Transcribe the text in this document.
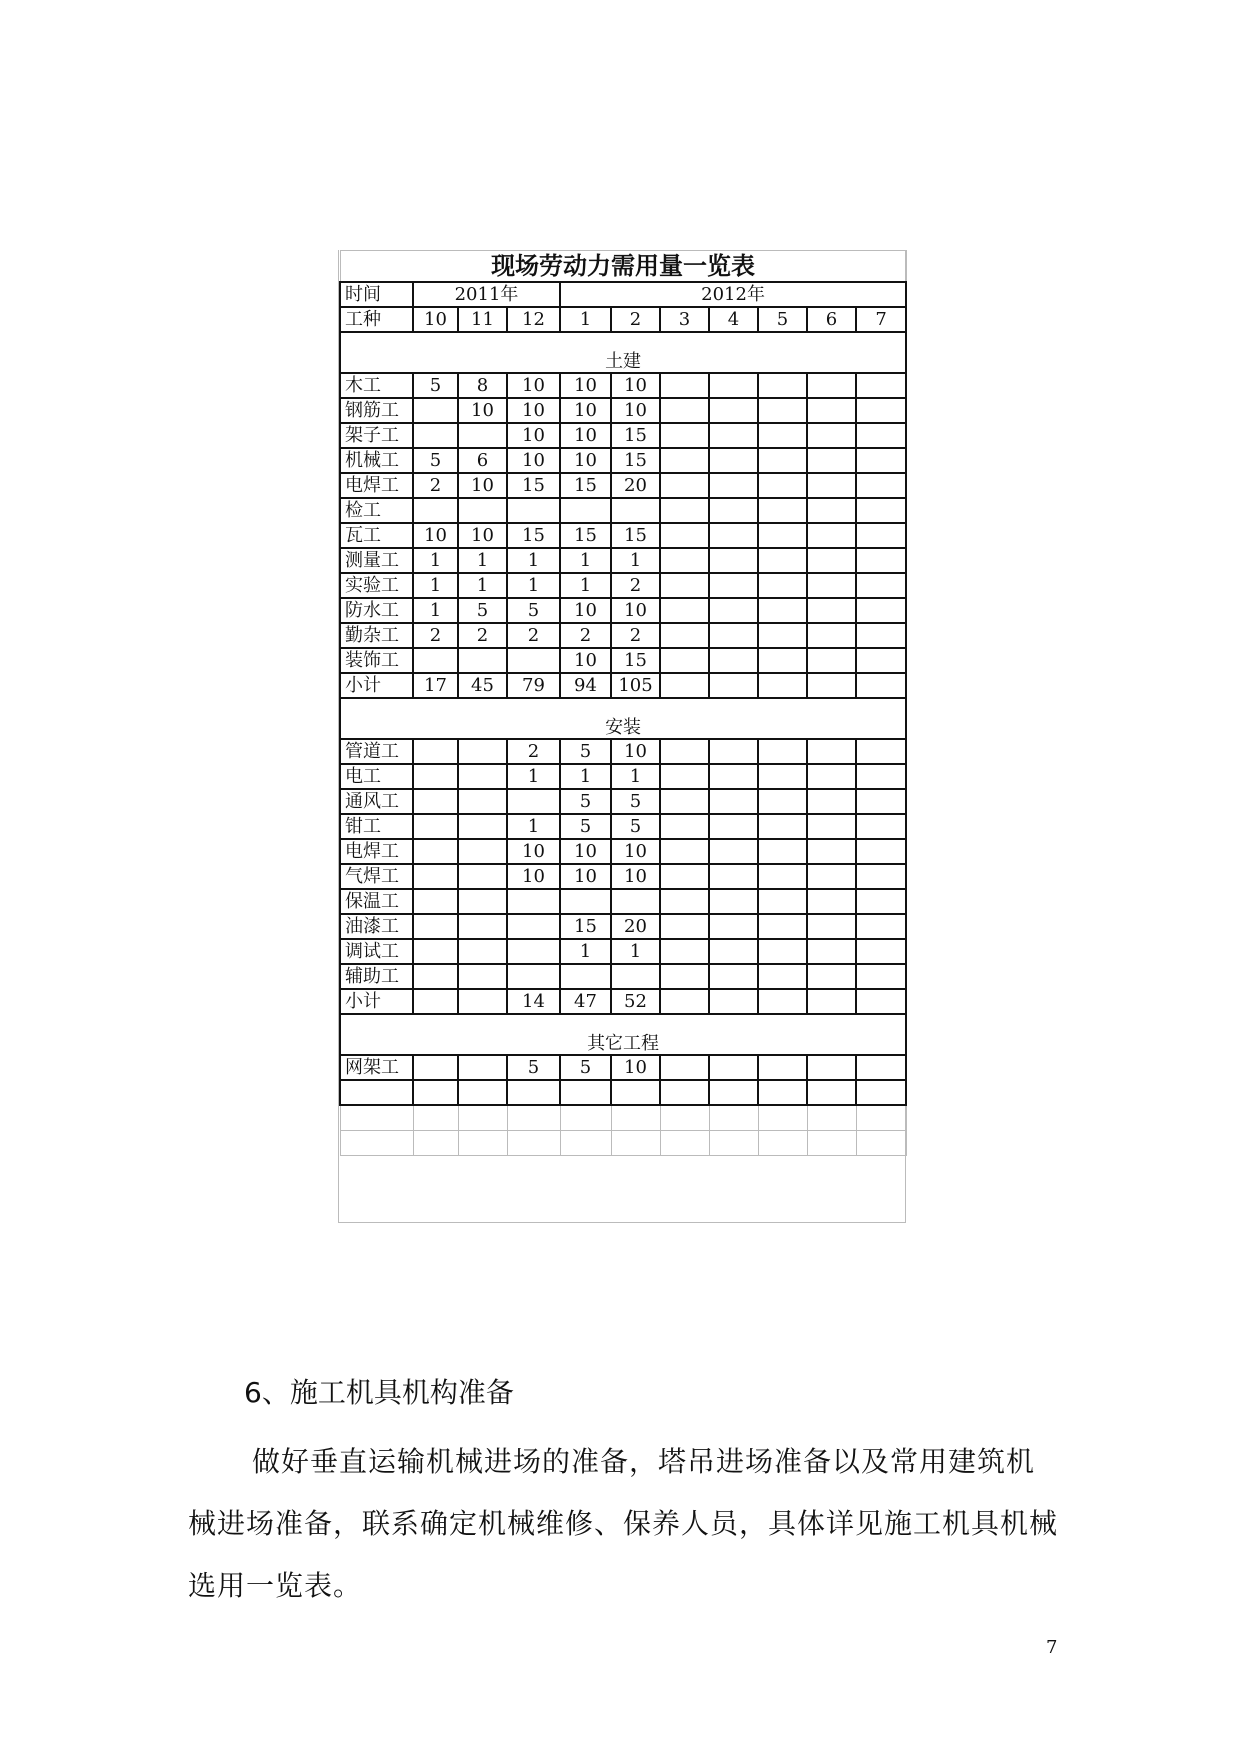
现场劳动力需用量一览表										
时间	2011年			2012年						
工种	10	11	12	1	2	3	4	5	6	7
土建										
木工	5	8	10	10	10					
钢筋工		10	10	10	10					
架子工			10	10	15					
机械工	5	6	10	10	15					
电焊工	2	10	15	15	20					
检工										
瓦工	10	10	15	15	15					
测量工	1	1	1	1	1					
实验工	1	1	1	1	2					
防水工	1	5	5	10	10					
勤杂工	2	2	2	2	2					
装饰工				10	15					
小计	17	45	79	94	105					
安装										
管道工			2	5	10					
电工			1	1	1					
通风工				5	5					
钳工			1	5	5					
电焊工			10	10	10					
气焊工			10	10	10					
保温工										
油漆工				15	20					
调试工				1	1					
辅助工										
小计			14	47	52					
其它工程										
网架工			5	5	10					

6、施工机具机构准备
做好垂直运输机械进场的准备，塔吊进场准备以及常用建筑机械进场准备，联系确定机械维修、保养人员，具体详见施工机具机械选用一览表。
7
